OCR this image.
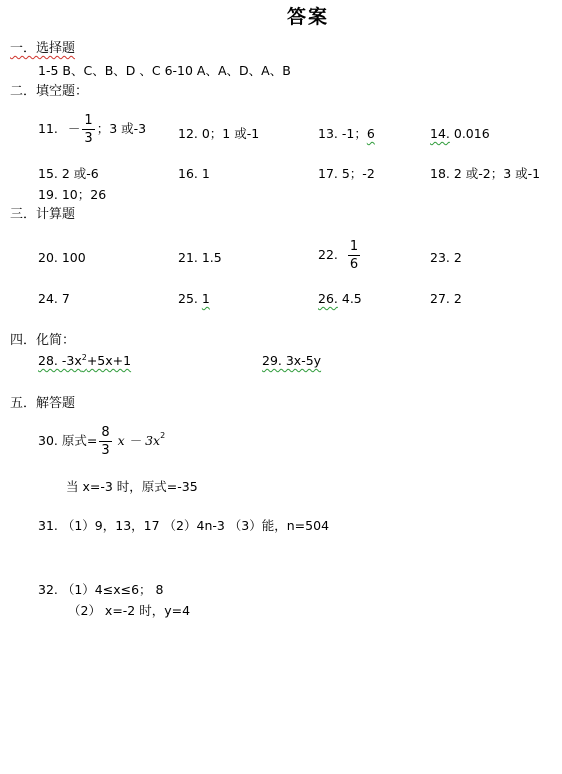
答案
一．选择题
1-5 B、C、B、D 、C 6-10 A、A、D、A、B
二．填空题：
11. － $\frac{1}{3}$ ；3 或-3	12. 0；1 或-1	13. -1；6	14. 0.016
15. 2 或-6	16. 1	17. 5；-2	18. 2 或-2；3 或-1
19. 10；26
三．计算题
20. 100	21. 1.5	22. $\frac{1}{6}$	23. 2
24. 7	25. 1	26. 4.5	27. 2
四．化简：
28. $-3x^2+5x+1$	29. 3x-5y
五．解答题
30. 原式= $\frac{8}{3}$ $x - 3x^2$
当 x=-3 时，原式=-35
31. （1）9，13，17 （2）4n-3 （3）能，n=504
32. （1）4≤x≤6； 8
（2） x=-2 时，y=4
